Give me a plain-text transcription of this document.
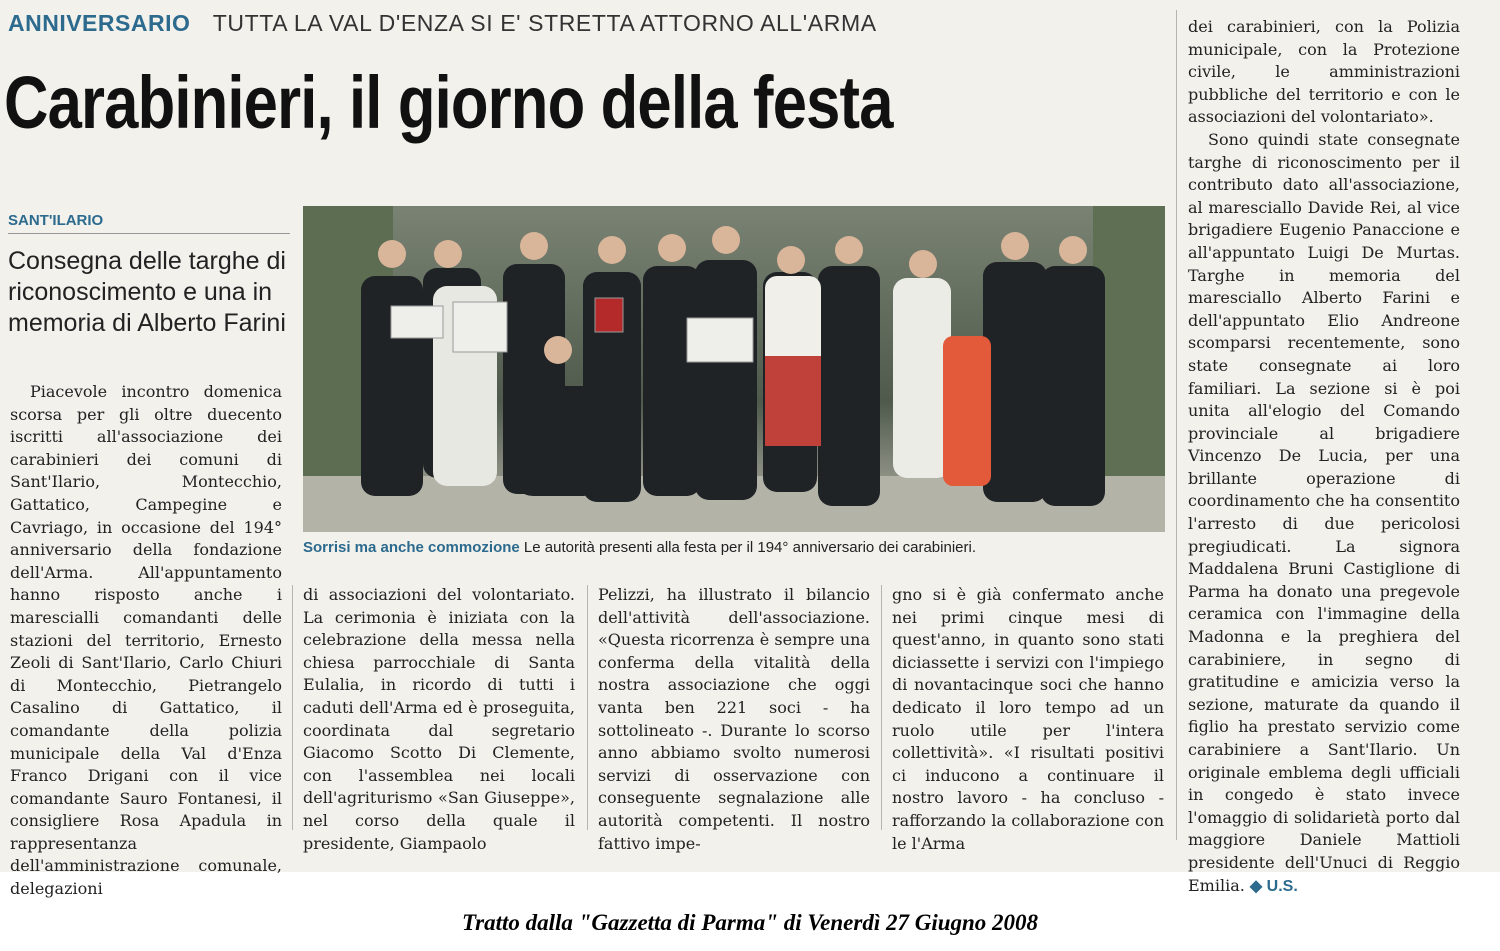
ANNIVERSARIO TUTTA LA VAL D'ENZA SI E' STRETTA ATTORNO ALL'ARMA
Carabinieri, il giorno della festa
SANT'ILARIO
Consegna delle targhe di riconoscimento e una in memoria di Alberto Farini
Sorrisi ma anche commozione Le autorità presenti alla festa per il 194° anniversario dei carabinieri.

Piacevole incontro domenica scorsa per gli oltre duecento iscritti all'associazione dei carabinieri dei comuni di Sant'Ilario, Montecchio, Gattatico, Campegine e Cavriago, in occasione del 194° anniversario della fondazione dell'Arma. All'appuntamento hanno risposto anche i marescialli comandanti delle stazioni del territorio, Ernesto Zeoli di Sant'Ilario, Carlo Chiuri di Montecchio, Pietrangelo Casalino di Gattatico, il comandante della polizia municipale della Val d'Enza Franco Drigani con il vice comandante Sauro Fontanesi, il consigliere Rosa Apadula in rappresentanza dell'amministrazione comunale, delegazioni

di associazioni del volontariato. La cerimonia è iniziata con la celebrazione della messa nella chiesa parrocchiale di Santa Eulalia, in ricordo di tutti i caduti dell'Arma ed è proseguita, coordinata dal segretario Giacomo Scotto Di Clemente, con l'assemblea nei locali dell'agriturismo «San Giuseppe», nel corso della quale il presidente, Giampaolo

Pelizzi, ha illustrato il bilancio dell'attività dell'associazione. «Questa ricorrenza è sempre una conferma della vitalità della nostra associazione che oggi vanta ben 221 soci - ha sottolineato -. Durante lo scorso anno abbiamo svolto numerosi servizi di osservazione con conseguente segnalazione alle autorità competenti. Il nostro fattivo impe-

gno si è già confermato anche nei primi cinque mesi di quest'anno, in quanto sono stati diciassette i servizi con l'impiego di novantacinque soci che hanno dedicato il loro tempo ad un ruolo utile per l'intera collettività». «I risultati positivi ci inducono a continuare il nostro lavoro - ha concluso - rafforzando la collaborazione con le l'Arma

dei carabinieri, con la Polizia municipale, con la Protezione civile, le amministrazioni pubbliche del territorio e con le associazioni del volontariato».

Sono quindi state consegnate targhe di riconoscimento per il contributo dato all'associazione, al maresciallo Davide Rei, al vice brigadiere Eugenio Panaccione e all'appuntato Luigi De Murtas. Targhe in memoria del maresciallo Alberto Farini e dell'appuntato Elio Andreone scomparsi recentemente, sono state consegnate ai loro familiari. La sezione si è poi unita all'elogio del Comando provinciale al brigadiere Vincenzo De Lucia, per una brillante operazione di coordinamento che ha consentito l'arresto di due pericolosi pregiudicati. La signora Maddalena Bruni Castiglione di Parma ha donato una pregevole ceramica con l'immagine della Madonna e la preghiera del carabiniere, in segno di gratitudine e amicizia verso la sezione, maturate da quando il figlio ha prestato servizio come carabiniere a Sant'Ilario. Un originale emblema degli ufficiali in congedo è stato invece l'omaggio di solidarietà porto dal maggiore Daniele Mattioli presidente dell'Unuci di Reggio Emilia. ◆ U.S.

Tratto dalla "Gazzetta di Parma" di Venerdì 27 Giugno 2008
